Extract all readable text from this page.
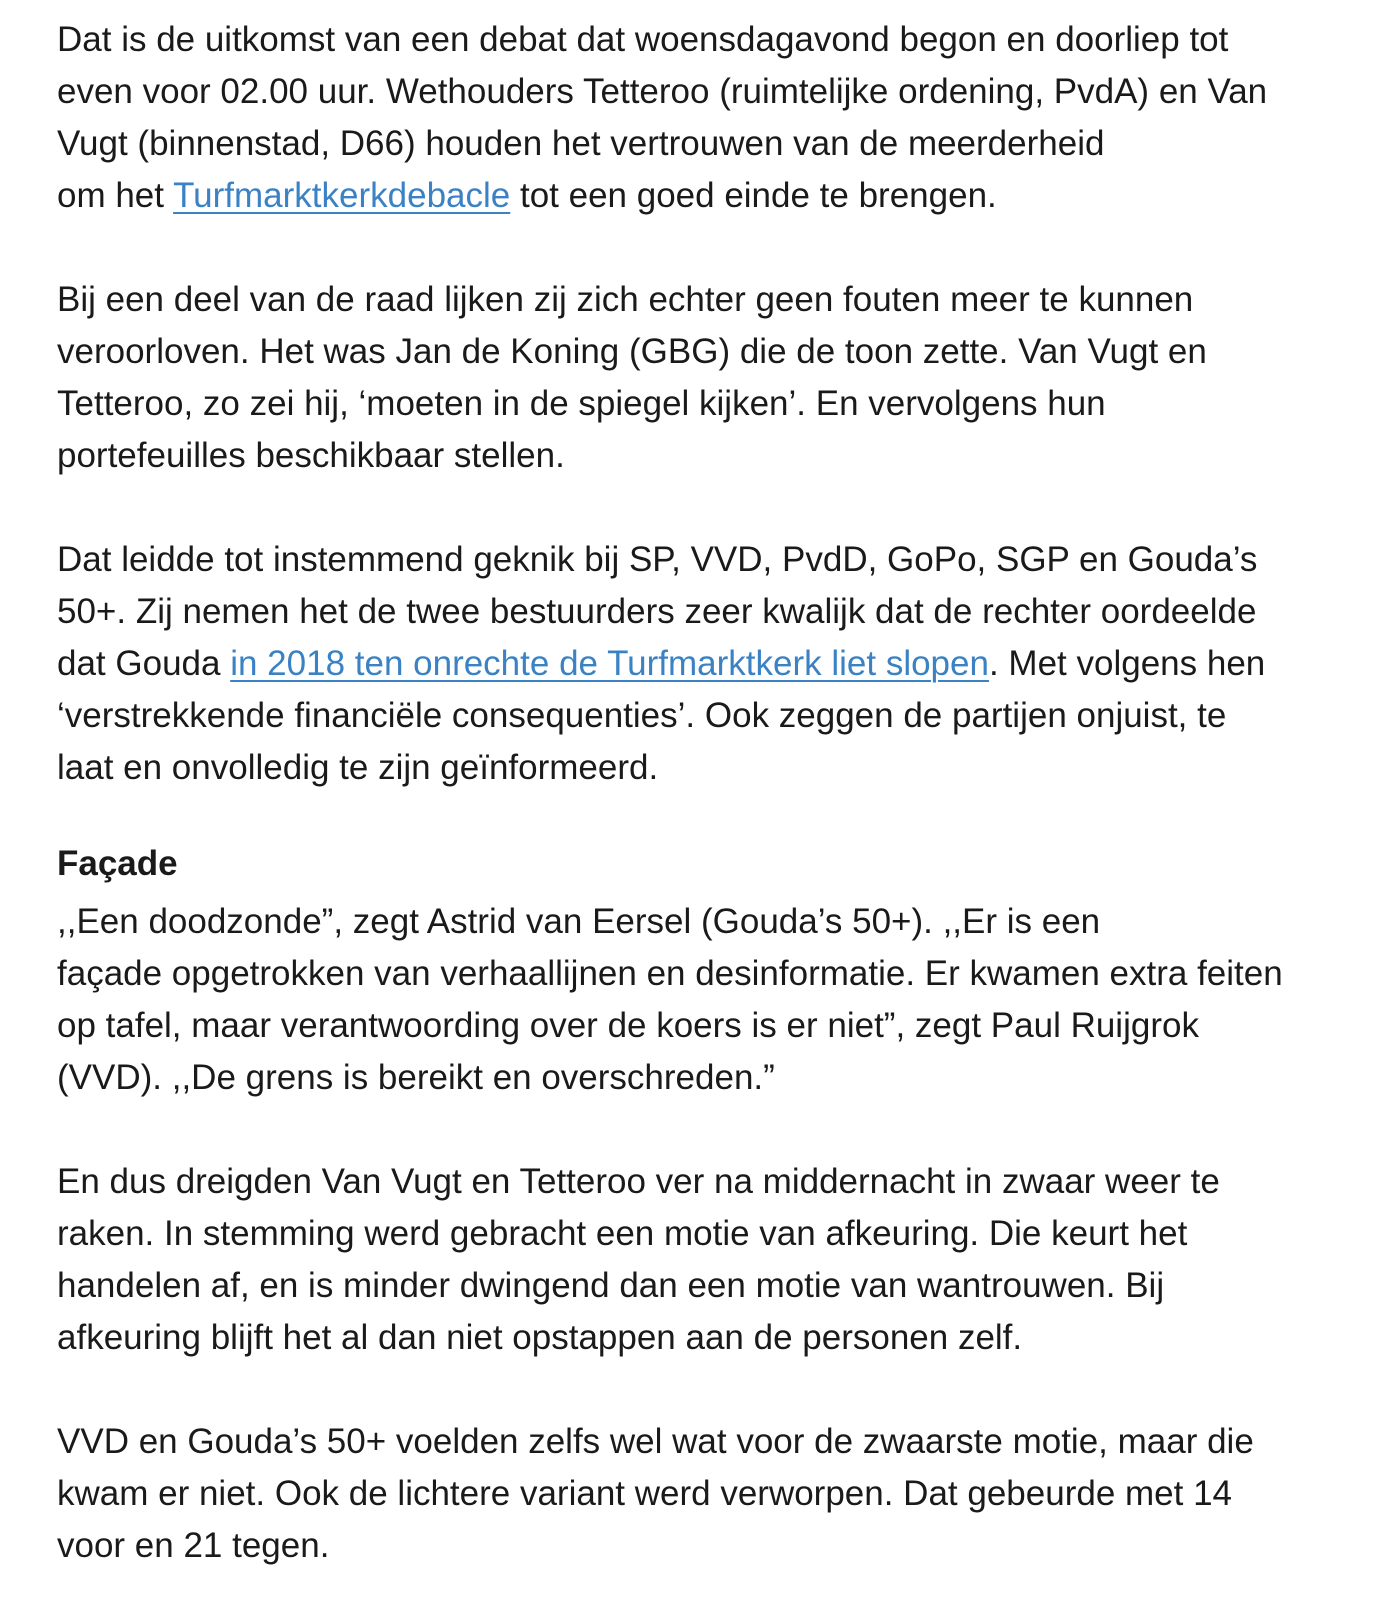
Dat is de uitkomst van een debat dat woensdagavond begon en doorliep tot
even voor 02.00 uur. Wethouders Tetteroo (ruimtelijke ordening, PvdA) en Van
Vugt (binnenstad, D66) houden het vertrouwen van de meerderheid
om het Turfmarktkerkdebacle tot een goed einde te brengen.

Bij een deel van de raad lijken zij zich echter geen fouten meer te kunnen
veroorloven. Het was Jan de Koning (GBG) die de toon zette. Van Vugt en
Tetteroo, zo zei hij, ‘moeten in de spiegel kijken’. En vervolgens hun
portefeuilles beschikbaar stellen.

Dat leidde tot instemmend geknik bij SP, VVD, PvdD, GoPo, SGP en Gouda’s
50+. Zij nemen het de twee bestuurders zeer kwalijk dat de rechter oordeelde
dat Gouda in 2018 ten onrechte de Turfmarktkerk liet slopen. Met volgens hen
‘verstrekkende financiële consequenties’. Ook zeggen de partijen onjuist, te
laat en onvolledig te zijn geïnformeerd.

Façade

,,Een doodzonde”, zegt Astrid van Eersel (Gouda’s 50+). ,,Er is een
façade opgetrokken van verhaallijnen en desinformatie. Er kwamen extra feiten
op tafel, maar verantwoording over de koers is er niet”, zegt Paul Ruijgrok
(VVD). ,,De grens is bereikt en overschreden.”

En dus dreigden Van Vugt en Tetteroo ver na middernacht in zwaar weer te
raken. In stemming werd gebracht een motie van afkeuring. Die keurt het
handelen af, en is minder dwingend dan een motie van wantrouwen. Bij
afkeuring blijft het al dan niet opstappen aan de personen zelf.

VVD en Gouda’s 50+ voelden zelfs wel wat voor de zwaarste motie, maar die
kwam er niet. Ook de lichtere variant werd verworpen. Dat gebeurde met 14
voor en 21 tegen.
